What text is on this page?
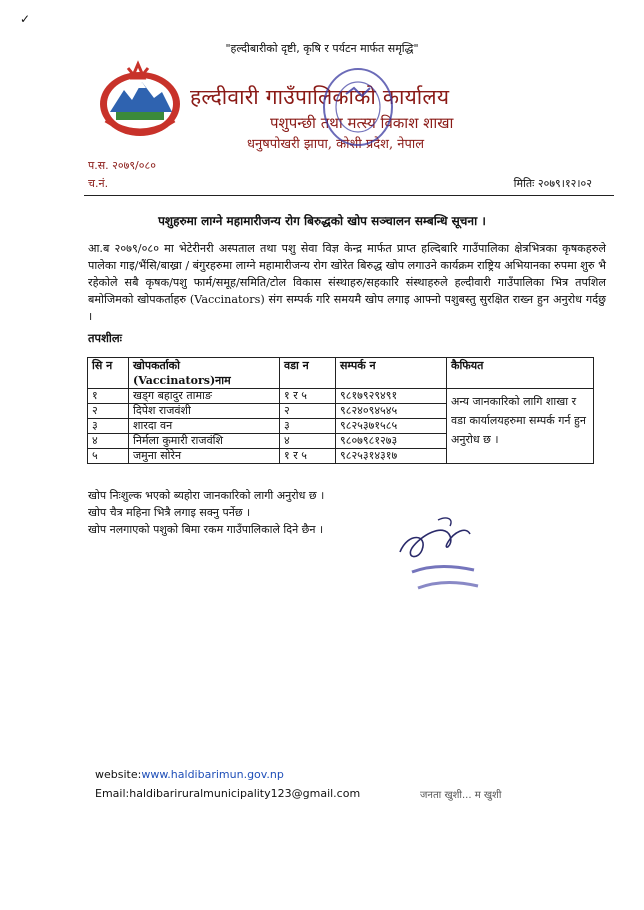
✓
"हल्दीबारीको दृष्टी, कृषि र पर्यटन मार्फत समृद्धि"
हल्दीवारी गाउँपालिकाको कार्यालय
पशुपन्छी तथा मत्स्य विकाश शाखा
धनुषपोखरी झापा, कोशी प्रदेश, नेपाल
प.स. २०७९/०८०
च.नं.	मितिः २०७९।१२।०२
पशुहरुमा लाग्ने महामारीजन्य रोग बिरुद्धको खोप सञ्चालन सम्बन्धि सूचना ।
आ.ब २०७९/०८० मा भेटेरीनरी अस्पताल तथा पशु सेवा विज्ञ केन्द्र मार्फत प्राप्त हल्दिबारि गाउँपालिका क्षेत्रभित्रका कृषकहरुले पालेका गाइ/भैंसि/बाख्रा / बंगुरहरुमा लाग्ने महामारीजन्य रोग खोरेत बिरुद्ध खोप लगाउने कार्यक्रम राष्ट्रिय अभियानका रुपमा शुरु भै रहेकोले सबै कृषक/पशु फार्म/समूह/समिति/टोल विकास संस्थाहरु/सहकारि संस्थाहरुले हल्दीवारी गाउँपालिका भित्र तपशिल बमोजिमको खोपकर्ताहरु (Vaccinators) संग सम्पर्क गरि समयमै खोप लगाइ आफ्नो पशुबस्तु सुरक्षित राख्न हुन अनुरोध गर्दछु ।
तपशीलः
सि न	खोपकर्ताको
(Vaccinators)नाम	वडा न	सम्पर्क न	कैफियत
१	खड्ग बहादुर तामाङ	१ र ५	९८१७९२९४९१	अन्य जानकारिको लागि शाखा र वडा कार्यालयहरुमा सम्पर्क गर्न हुन अनुरोध छ ।
२	दिपेश राजवंशी	२	९८२४०९४५४५	
३	शारदा वन	३	९८२५३७१५८५	
४	निर्मला कुमारी राजवंशि	४	९८०७९८१२७३	
५	जमुना सोरेन	१ र ५	९८२५३१४३१७	
खोप निःशुल्क भएको ब्यहोरा जानकारिको लागी अनुरोध छ ।
खोप चैत्र महिना भित्रै लगाइ सक्नु पर्नेछ ।
खोप नलगाएको पशुको बिमा रकम गाउँपालिकाले दिने छैन ।
website:www.haldibarimun.gov.np
Email:haldibariruralmunicipality123@gmail.com	जनता खुशी... म खुशी
